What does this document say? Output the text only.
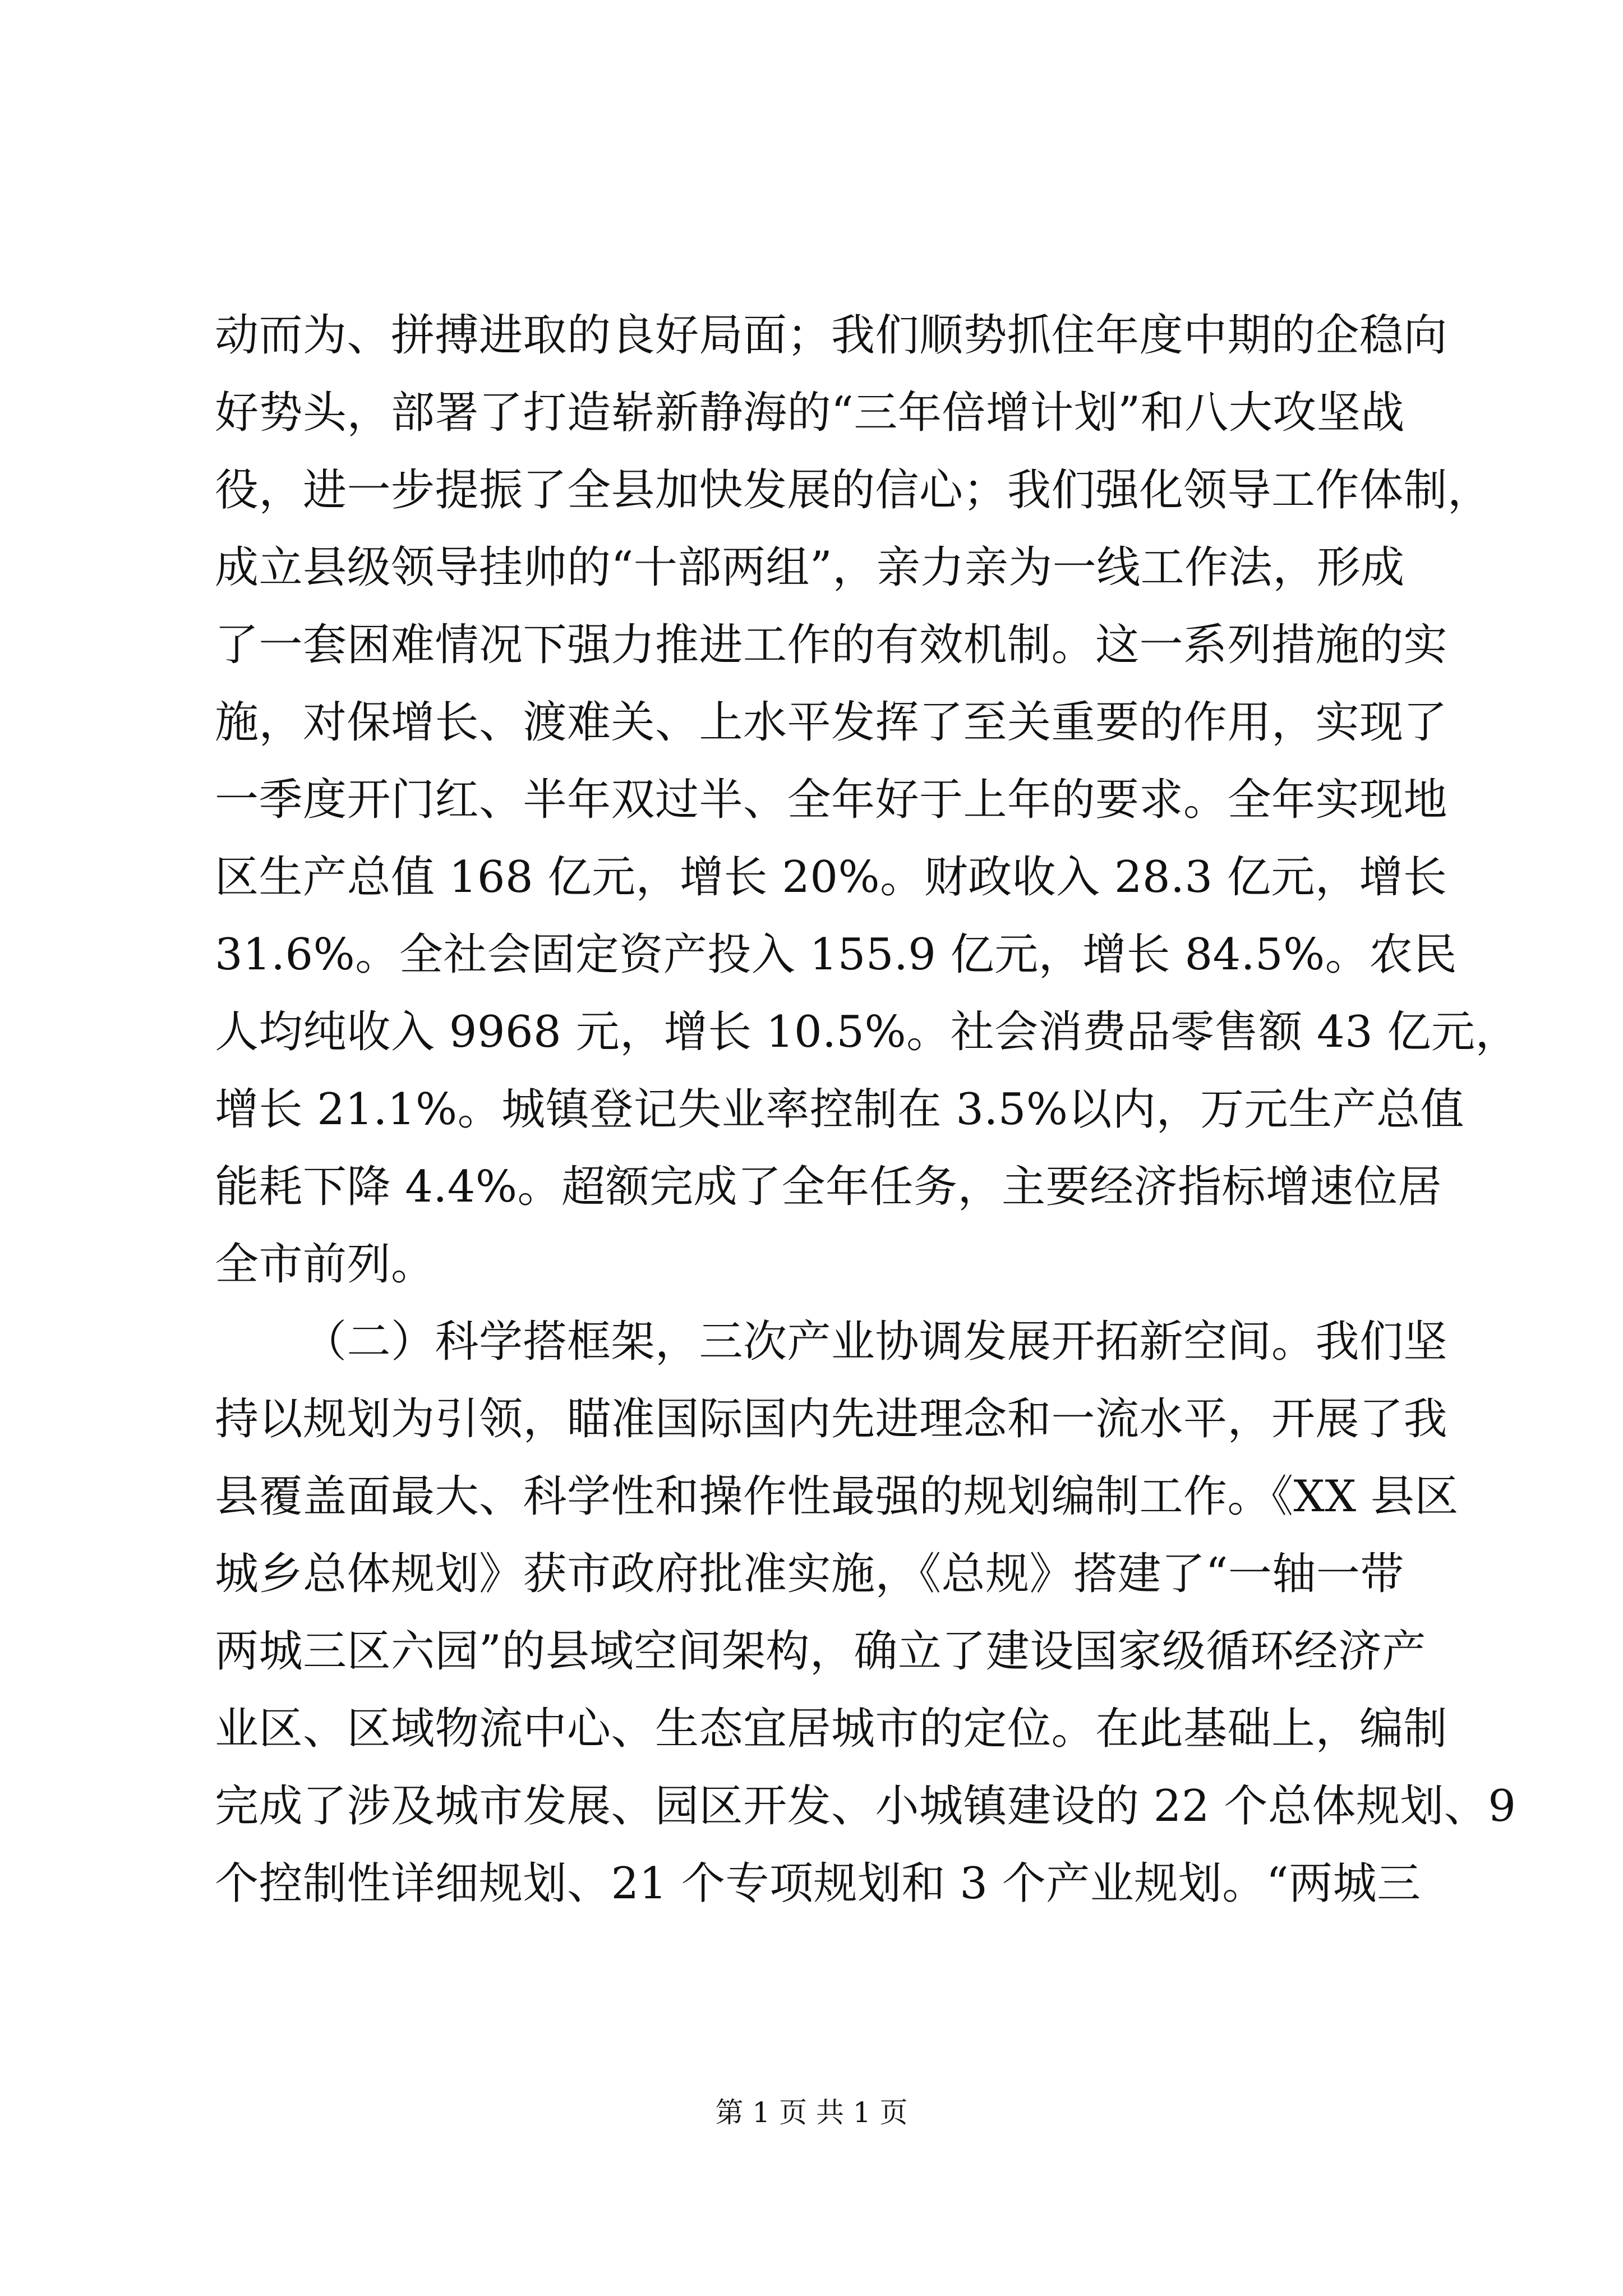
动而为、拼搏进取的良好局面；我们顺势抓住年度中期的企稳向
好势头，部署了打造崭新静海的“三年倍增计划”和八大攻坚战
役，进一步提振了全县加快发展的信心；我们强化领导工作体制，
成立县级领导挂帅的“十部两组”，亲力亲为一线工作法，形成
了一套困难情况下强力推进工作的有效机制。这一系列措施的实
施，对保增长、渡难关、上水平发挥了至关重要的作用，实现了
一季度开门红、半年双过半、全年好于上年的要求。全年实现地
区生产总值 168 亿元，增长 20%。财政收入 28.3 亿元，增长
31.6%。全社会固定资产投入 155.9 亿元，增长 84.5%。农民
人均纯收入 9968 元，增长 10.5%。社会消费品零售额 43 亿元，
增长 21.1%。城镇登记失业率控制在 3.5%以内，万元生产总值
能耗下降 4.4%。超额完成了全年任务，主要经济指标增速位居
全市前列。
（二）科学搭框架，三次产业协调发展开拓新空间。我们坚
持以规划为引领，瞄准国际国内先进理念和一流水平，开展了我
县覆盖面最大、科学性和操作性最强的规划编制工作。《XX 县区
城乡总体规划》获市政府批准实施，《总规》搭建了“一轴一带
两城三区六园”的县域空间架构，确立了建设国家级循环经济产
业区、区域物流中心、生态宜居城市的定位。在此基础上，编制
完成了涉及城市发展、园区开发、小城镇建设的 22 个总体规划、9
个控制性详细规划、21 个专项规划和 3 个产业规划。“两城三
第 1 页 共 1 页
